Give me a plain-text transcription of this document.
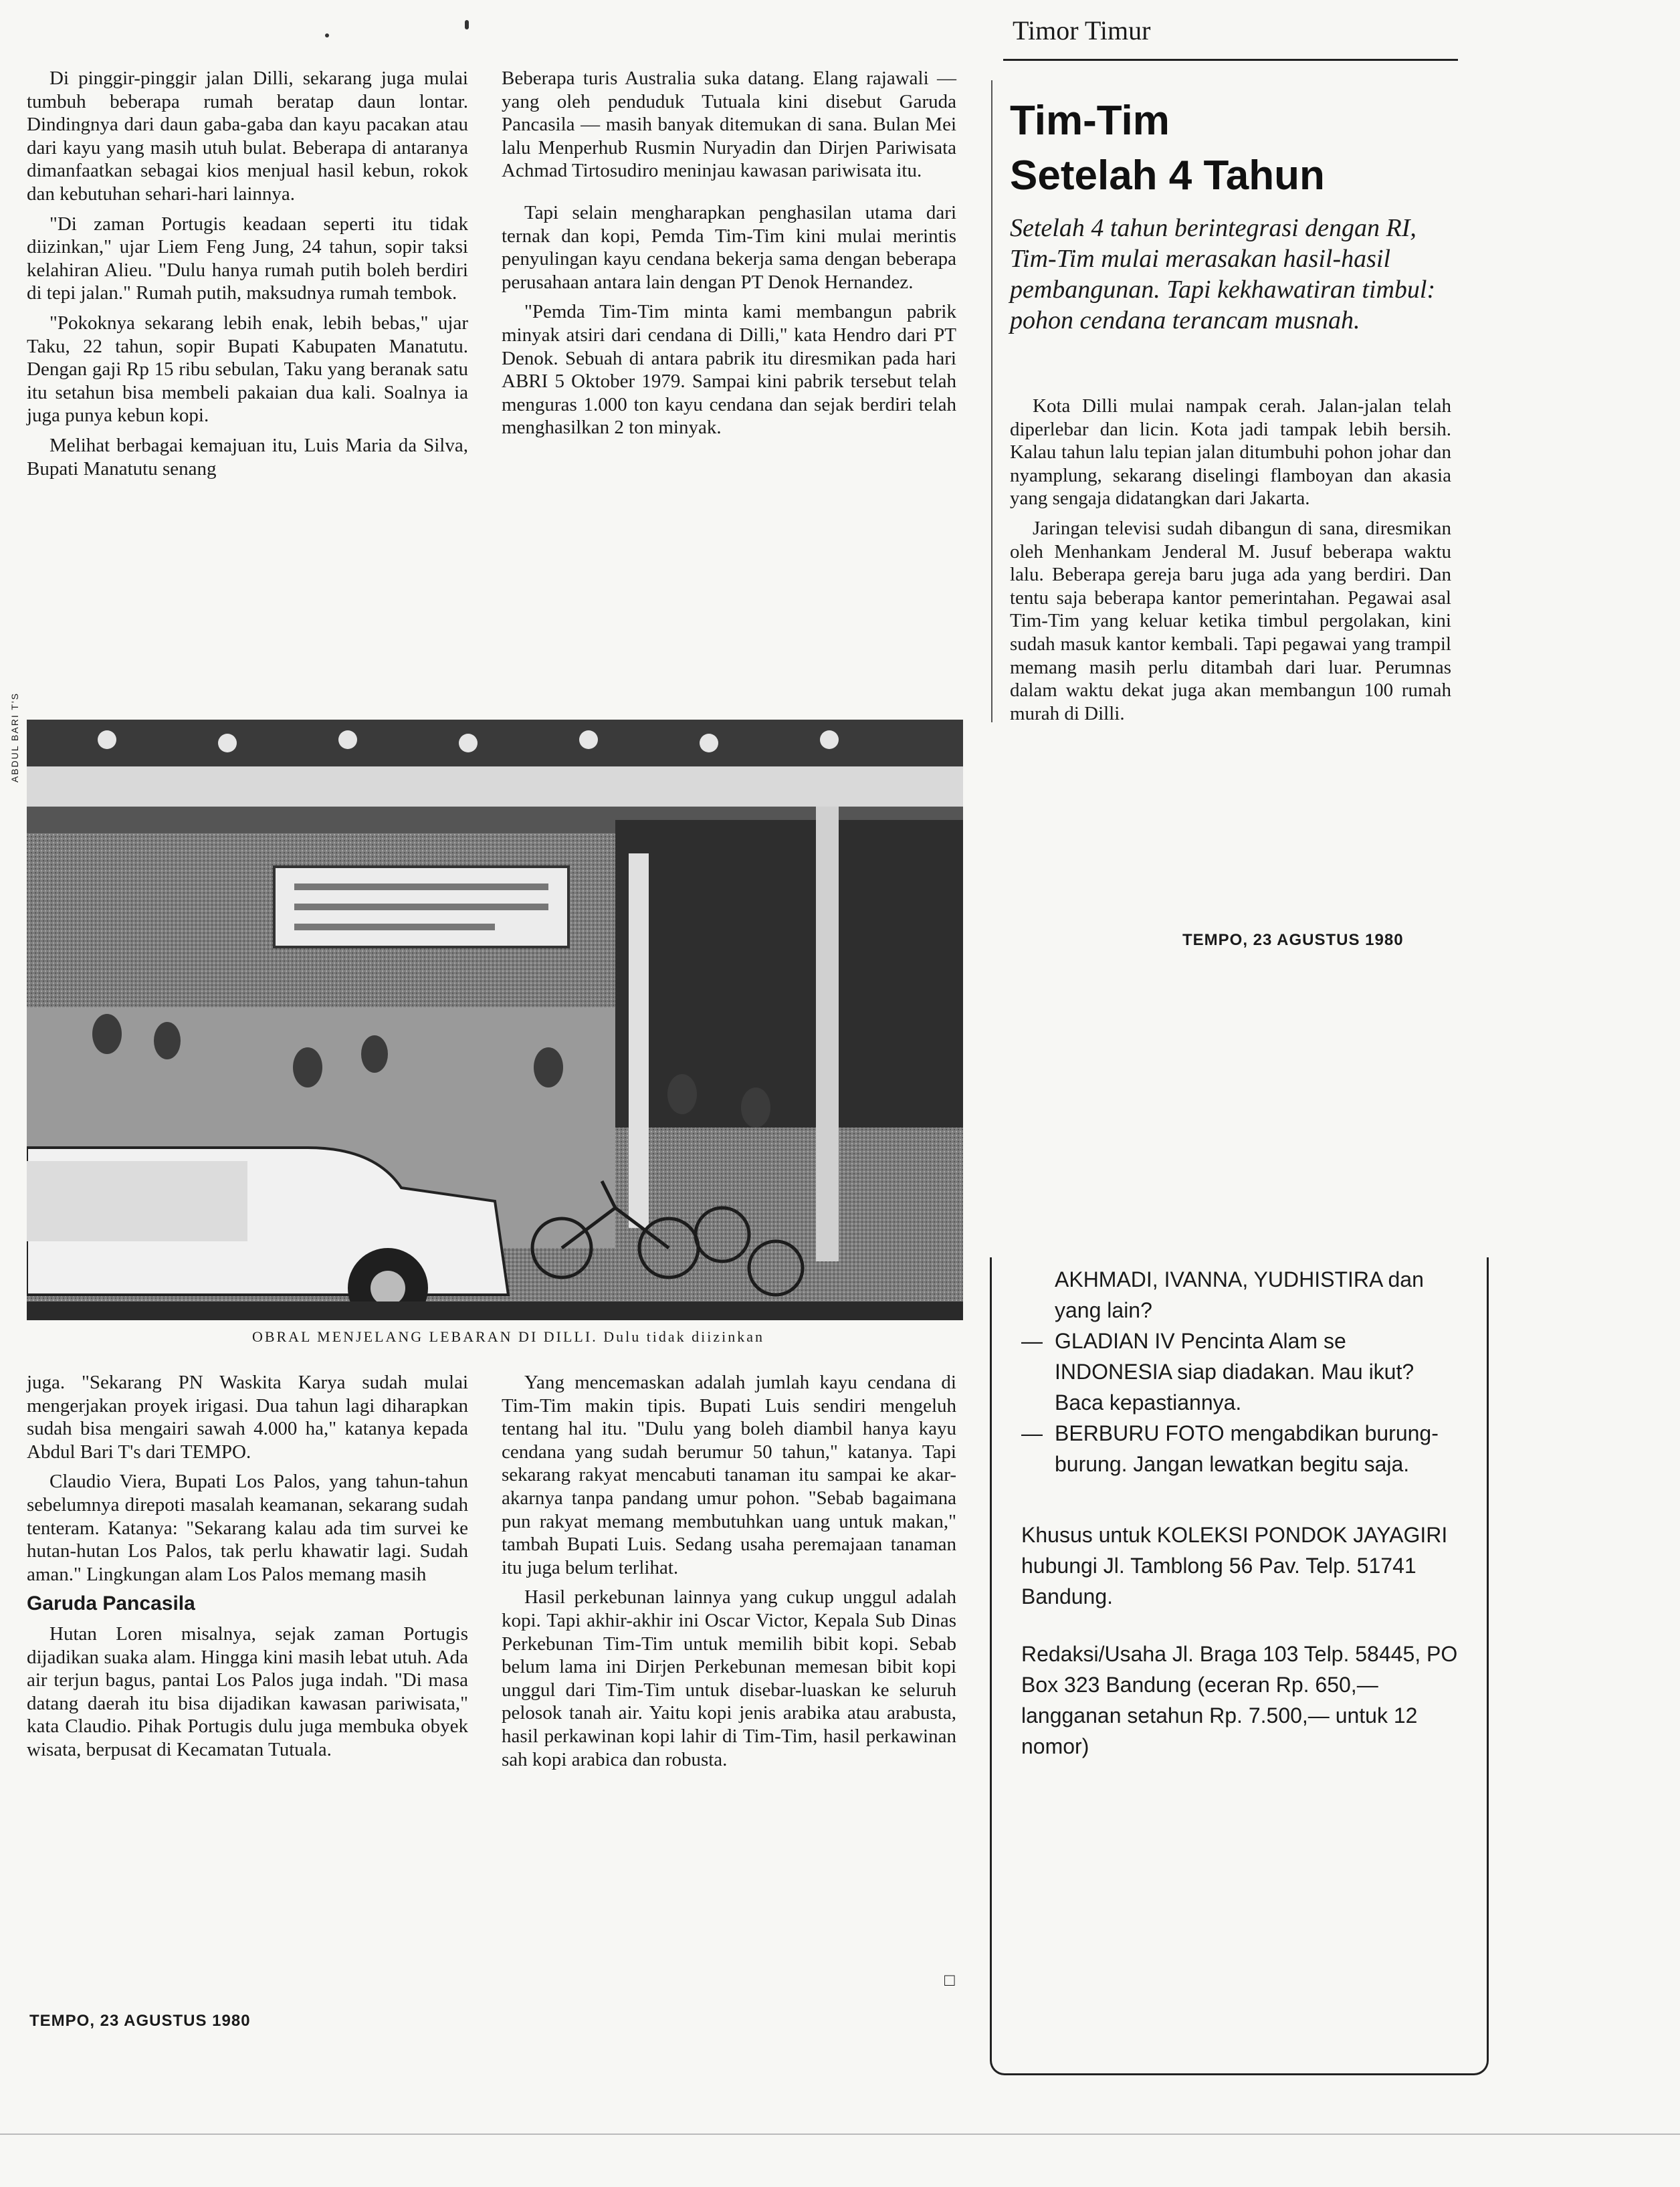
Timor Timur
Tim-Tim
Setelah 4 Tahun
Setelah 4 tahun berintegrasi dengan RI, Tim-Tim mulai merasakan hasil-hasil pembangunan. Tapi kekhawatiran timbul: pohon cendana terancam musnah.

Di pinggir-pinggir jalan Dilli, sekarang juga mulai tumbuh beberapa rumah beratap daun lontar. Dindingnya dari daun gaba-gaba dan kayu pacakan atau dari kayu yang masih utuh bulat. Beberapa di antaranya dimanfaatkan sebagai kios menjual hasil kebun, rokok dan kebutuhan sehari-hari lainnya.

"Di zaman Portugis keadaan seperti itu tidak diizinkan," ujar Liem Feng Jung, 24 tahun, sopir taksi kelahiran Alieu. "Dulu hanya rumah putih boleh berdiri di tepi jalan." Rumah putih, maksudnya rumah tembok.

"Pokoknya sekarang lebih enak, lebih bebas," ujar Taku, 22 tahun, sopir Bupati Kabupaten Manatutu. Dengan gaji Rp 15 ribu sebulan, Taku yang beranak satu itu setahun bisa membeli pakaian dua kali. Soalnya ia juga punya kebun kopi.

Melihat berbagai kemajuan itu, Luis Maria da Silva, Bupati Manatutu senang

Beberapa turis Australia suka datang. Elang rajawali — yang oleh penduduk Tutuala kini disebut Garuda Pancasila — masih banyak ditemukan di sana. Bulan Mei lalu Menperhub Rusmin Nuryadin dan Dirjen Pariwisata Achmad Tirtosudiro meninjau kawasan pariwisata itu.

Tapi selain mengharapkan penghasilan utama dari ternak dan kopi, Pemda Tim-Tim kini mulai merintis penyulingan kayu cendana bekerja sama dengan beberapa perusahaan antara lain dengan PT Denok Hernandez.

"Pemda Tim-Tim minta kami membangun pabrik minyak atsiri dari cendana di Dilli," kata Hendro dari PT Denok. Sebuah di antara pabrik itu diresmikan pada hari ABRI 5 Oktober 1979. Sampai kini pabrik tersebut telah menguras 1.000 ton kayu cendana dan sejak berdiri telah menghasilkan 2 ton minyak.

Kota Dilli mulai nampak cerah. Jalan-jalan telah diperlebar dan licin. Kota jadi tampak lebih bersih. Kalau tahun lalu tepian jalan ditumbuhi pohon johar dan nyamplung, sekarang diselingi flamboyan dan akasia yang sengaja didatangkan dari Jakarta.

Jaringan televisi sudah dibangun di sana, diresmikan oleh Menhankam Jenderal M. Jusuf beberapa waktu lalu. Beberapa gereja baru juga ada yang berdiri. Dan tentu saja beberapa kantor pemerintahan. Pegawai asal Tim-Tim yang keluar ketika timbul pergolakan, kini sudah masuk kantor kembali. Tapi pegawai yang trampil memang masih perlu ditambah dari luar. Perumnas dalam waktu dekat juga akan membangun 100 rumah murah di Dilli.

TEMPO, 23 AGUSTUS 1980
ABDUL BARI T'S
OBRAL MENJELANG LEBARAN DI DILLI. Dulu tidak diizinkan

juga. "Sekarang PN Waskita Karya sudah mulai mengerjakan proyek irigasi. Dua tahun lagi diharapkan sudah bisa mengairi sawah 4.000 ha," katanya kepada Abdul Bari T's dari TEMPO.

Claudio Viera, Bupati Los Palos, yang tahun-tahun sebelumnya direpoti masalah keamanan, sekarang sudah tenteram. Katanya: "Sekarang kalau ada tim survei ke hutan-hutan Los Palos, tak perlu khawatir lagi. Sudah aman." Lingkungan alam Los Palos memang masih

Garuda Pancasila

Hutan Loren misalnya, sejak zaman Portugis dijadikan suaka alam. Hingga kini masih lebat utuh. Ada air terjun bagus, pantai Los Palos juga indah. "Di masa datang daerah itu bisa dijadikan kawasan pariwisata," kata Claudio. Pihak Portugis dulu juga membuka obyek wisata, berpusat di Kecamatan Tutuala.

TEMPO, 23 AGUSTUS 1980

Yang mencemaskan adalah jumlah kayu cendana di Tim-Tim makin tipis. Bupati Luis sendiri mengeluh tentang hal itu. "Dulu yang boleh diambil hanya kayu cendana yang sudah berumur 50 tahun," katanya. Tapi sekarang rakyat mencabuti tanaman itu sampai ke akar-akarnya tanpa pandang umur pohon. "Sebab bagaimana pun rakyat memang membutuhkan uang untuk makan," tambah Bupati Luis. Sedang usaha peremajaan tanaman itu juga belum terlihat.

Hasil perkebunan lainnya yang cukup unggul adalah kopi. Tapi akhir-akhir ini Oscar Victor, Kepala Sub Dinas Perkebunan Tim-Tim untuk memilih bibit kopi. Sebab belum lama ini Dirjen Perkebunan memesan bibit kopi unggul dari Tim-Tim untuk disebar-luaskan ke seluruh pelosok tanah air. Yaitu kopi jenis arabika atau arabusta, hasil perkawinan kopi lahir di Tim-Tim, hasil perkawinan sah kopi arabica dan robusta.

□
AKHMADI, IVANNA, YUDHISTIRA dan yang lain?
— GLADIAN IV Pencinta Alam se INDONESIA siap diadakan. Mau ikut? Baca kepastiannya.
— BERBURU FOTO mengabdikan burung-burung. Jangan lewatkan begitu saja.
Khusus untuk KOLEKSI PONDOK JAYAGIRI hubungi Jl. Tamblong 56 Pav. Telp. 51741 Bandung.
Redaksi/Usaha Jl. Braga 103 Telp. 58445, PO Box 323 Bandung (eceran Rp. 650,— langganan setahun Rp. 7.500,— untuk 12 nomor)
